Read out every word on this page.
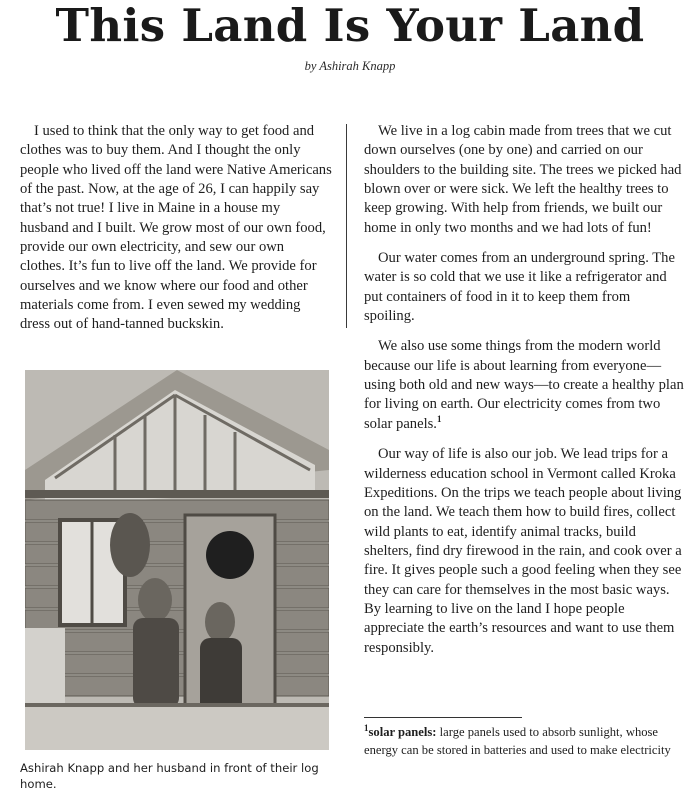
This Land Is Your Land
by Ashirah Knapp

I used to think that the only way to get food and clothes was to buy them. And I thought the only people who lived off the land were Native Americans of the past. Now, at the age of 26, I can happily say that’s not true! I live in Maine in a house my husband and I built. We grow most of our own food, provide our own electricity, and sew our own clothes. It’s fun to live off the land. We provide for ourselves and we know where our food and other materials come from. I even sewed my wedding dress out of hand-tanned buckskin.

We live in a log cabin made from trees that we cut down ourselves (one by one) and carried on our shoulders to the building site. The trees we picked had blown over or were sick. We left the healthy trees to keep growing. With help from friends, we built our home in only two months and we had lots of fun!

Our water comes from an underground spring. The water is so cold that we use it like a refrigerator and put containers of food in it to keep them from spoiling.

We also use some things from the modern world because our life is about learning from everyone—using both old and new ways—to create a healthy plan for living on earth. Our electricity comes from two solar panels.$^1$

Our way of life is also our job. We lead trips for a wilderness education school in Vermont called Kroka Expeditions. On the trips we teach people about living on the land. We teach them how to build fires, collect wild plants to eat, identify animal tracks, build shelters, find dry firewood in the rain, and cook over a fire. It gives people such a good feeling when they see they can care for themselves in the most basic ways. By learning to live on the land I hope people appreciate the earth’s resources and want to use them responsibly.

Ashirah Knapp and her husband in front of their log home.
$^1$solar panels: large panels used to absorb sunlight, whose energy can be stored in batteries and used to make electricity
